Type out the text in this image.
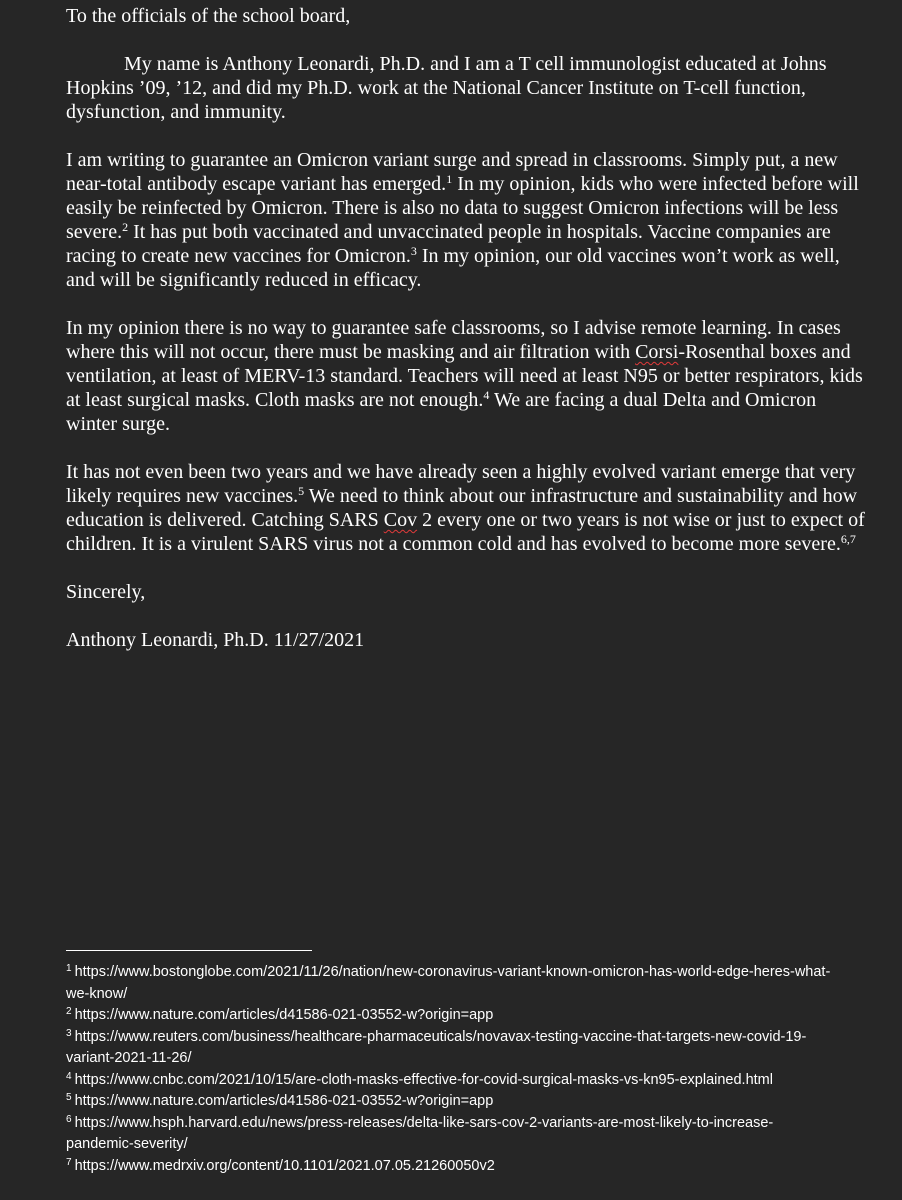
To the officials of the school board,

My name is Anthony Leonardi, Ph.D. and I am a T cell immunologist educated at Johns Hopkins ’09, ’12, and did my Ph.D. work at the National Cancer Institute on T-cell function, dysfunction, and immunity.

I am writing to guarantee an Omicron variant surge and spread in classrooms. Simply put, a new near-total antibody escape variant has emerged.$^1$ In my opinion, kids who were infected before will easily be reinfected by Omicron. There is also no data to suggest Omicron infections will be less severe.$^2$ It has put both vaccinated and unvaccinated people in hospitals. Vaccine companies are racing to create new vaccines for Omicron.$^3$ In my opinion, our old vaccines won’t work as well, and will be significantly reduced in efficacy.

In my opinion there is no way to guarantee safe classrooms, so I advise remote learning. In cases where this will not occur, there must be masking and air filtration with Corsi-Rosenthal boxes and ventilation, at least of MERV-13 standard. Teachers will need at least N95 or better respirators, kids at least surgical masks. Cloth masks are not enough.$^4$ We are facing a dual Delta and Omicron winter surge.

It has not even been two years and we have already seen a highly evolved variant emerge that very likely requires new vaccines.$^5$ We need to think about our infrastructure and sustainability and how education is delivered. Catching SARS Cov 2 every one or two years is not wise or just to expect of children. It is a virulent SARS virus not a common cold and has evolved to become more severe.$^{6,7}$

Sincerely,

Anthony Leonardi, Ph.D. 11/27/2021

$^1$ https://www.bostonglobe.com/2021/11/26/nation/new-coronavirus-variant-known-omicron-has-world-edge-heres-what-we-know/

$^2$ https://www.nature.com/articles/d41586-021-03552-w?origin=app

$^3$ https://www.reuters.com/business/healthcare-pharmaceuticals/novavax-testing-vaccine-that-targets-new-covid-19-variant-2021-11-26/

$^4$ https://www.cnbc.com/2021/10/15/are-cloth-masks-effective-for-covid-surgical-masks-vs-kn95-explained.html

$^5$ https://www.nature.com/articles/d41586-021-03552-w?origin=app

$^6$ https://www.hsph.harvard.edu/news/press-releases/delta-like-sars-cov-2-variants-are-most-likely-to-increase-pandemic-severity/

$^7$ https://www.medrxiv.org/content/10.1101/2021.07.05.21260050v2
